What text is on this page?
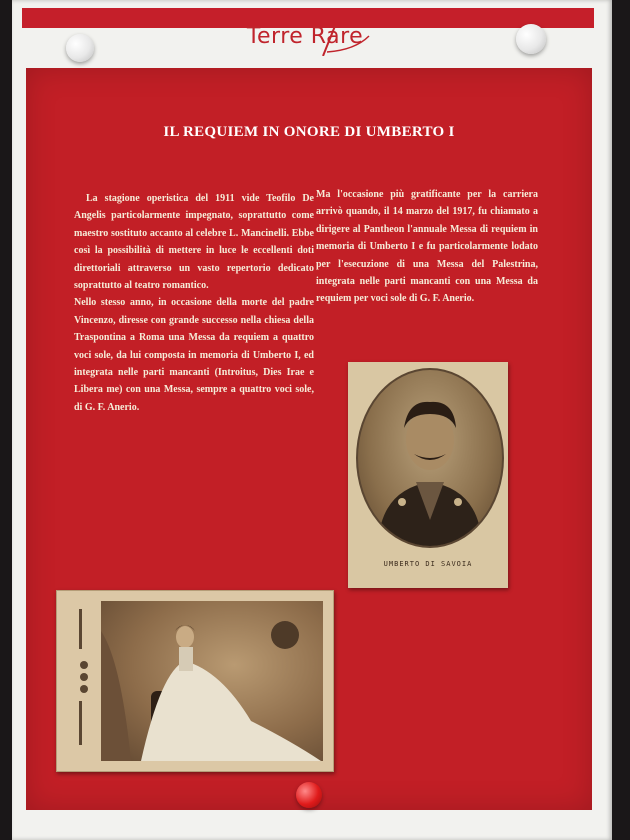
Terre Rare
IL REQUIEM IN ONORE DI UMBERTO I

La stagione operistica del 1911 vide Teofilo De Angelis particolarmente impegnato, soprattutto come maestro sostituto accanto al celebre L. Mancinelli. Ebbe così la possibilità di mettere in luce le eccellenti doti direttoriali attraverso un vasto repertorio dedicato soprattutto al teatro romantico.

Nello stesso anno, in occasione della morte del padre Vincenzo, diresse con grande successo nella chiesa della Traspontina a Roma una Messa da requiem a quattro voci sole, da lui composta in memoria di Umberto I, ed integrata nelle parti mancanti (Introitus, Dies Irae e Libera me) con una Messa, sempre a quattro voci sole, di G. F. Anerio.

Ma l'occasione più gratificante per la carriera arrivò quando, il 14 marzo del 1917, fu chiamato a dirigere al Pantheon l'annuale Messa di requiem in memoria di Umberto I e fu particolarmente lodato per l'esecuzione di una Messa del Palestrina, integrata nelle parti mancanti con una Messa da requiem per voci sole di G. F. Anerio.

UMBERTO DI SAVOIA
